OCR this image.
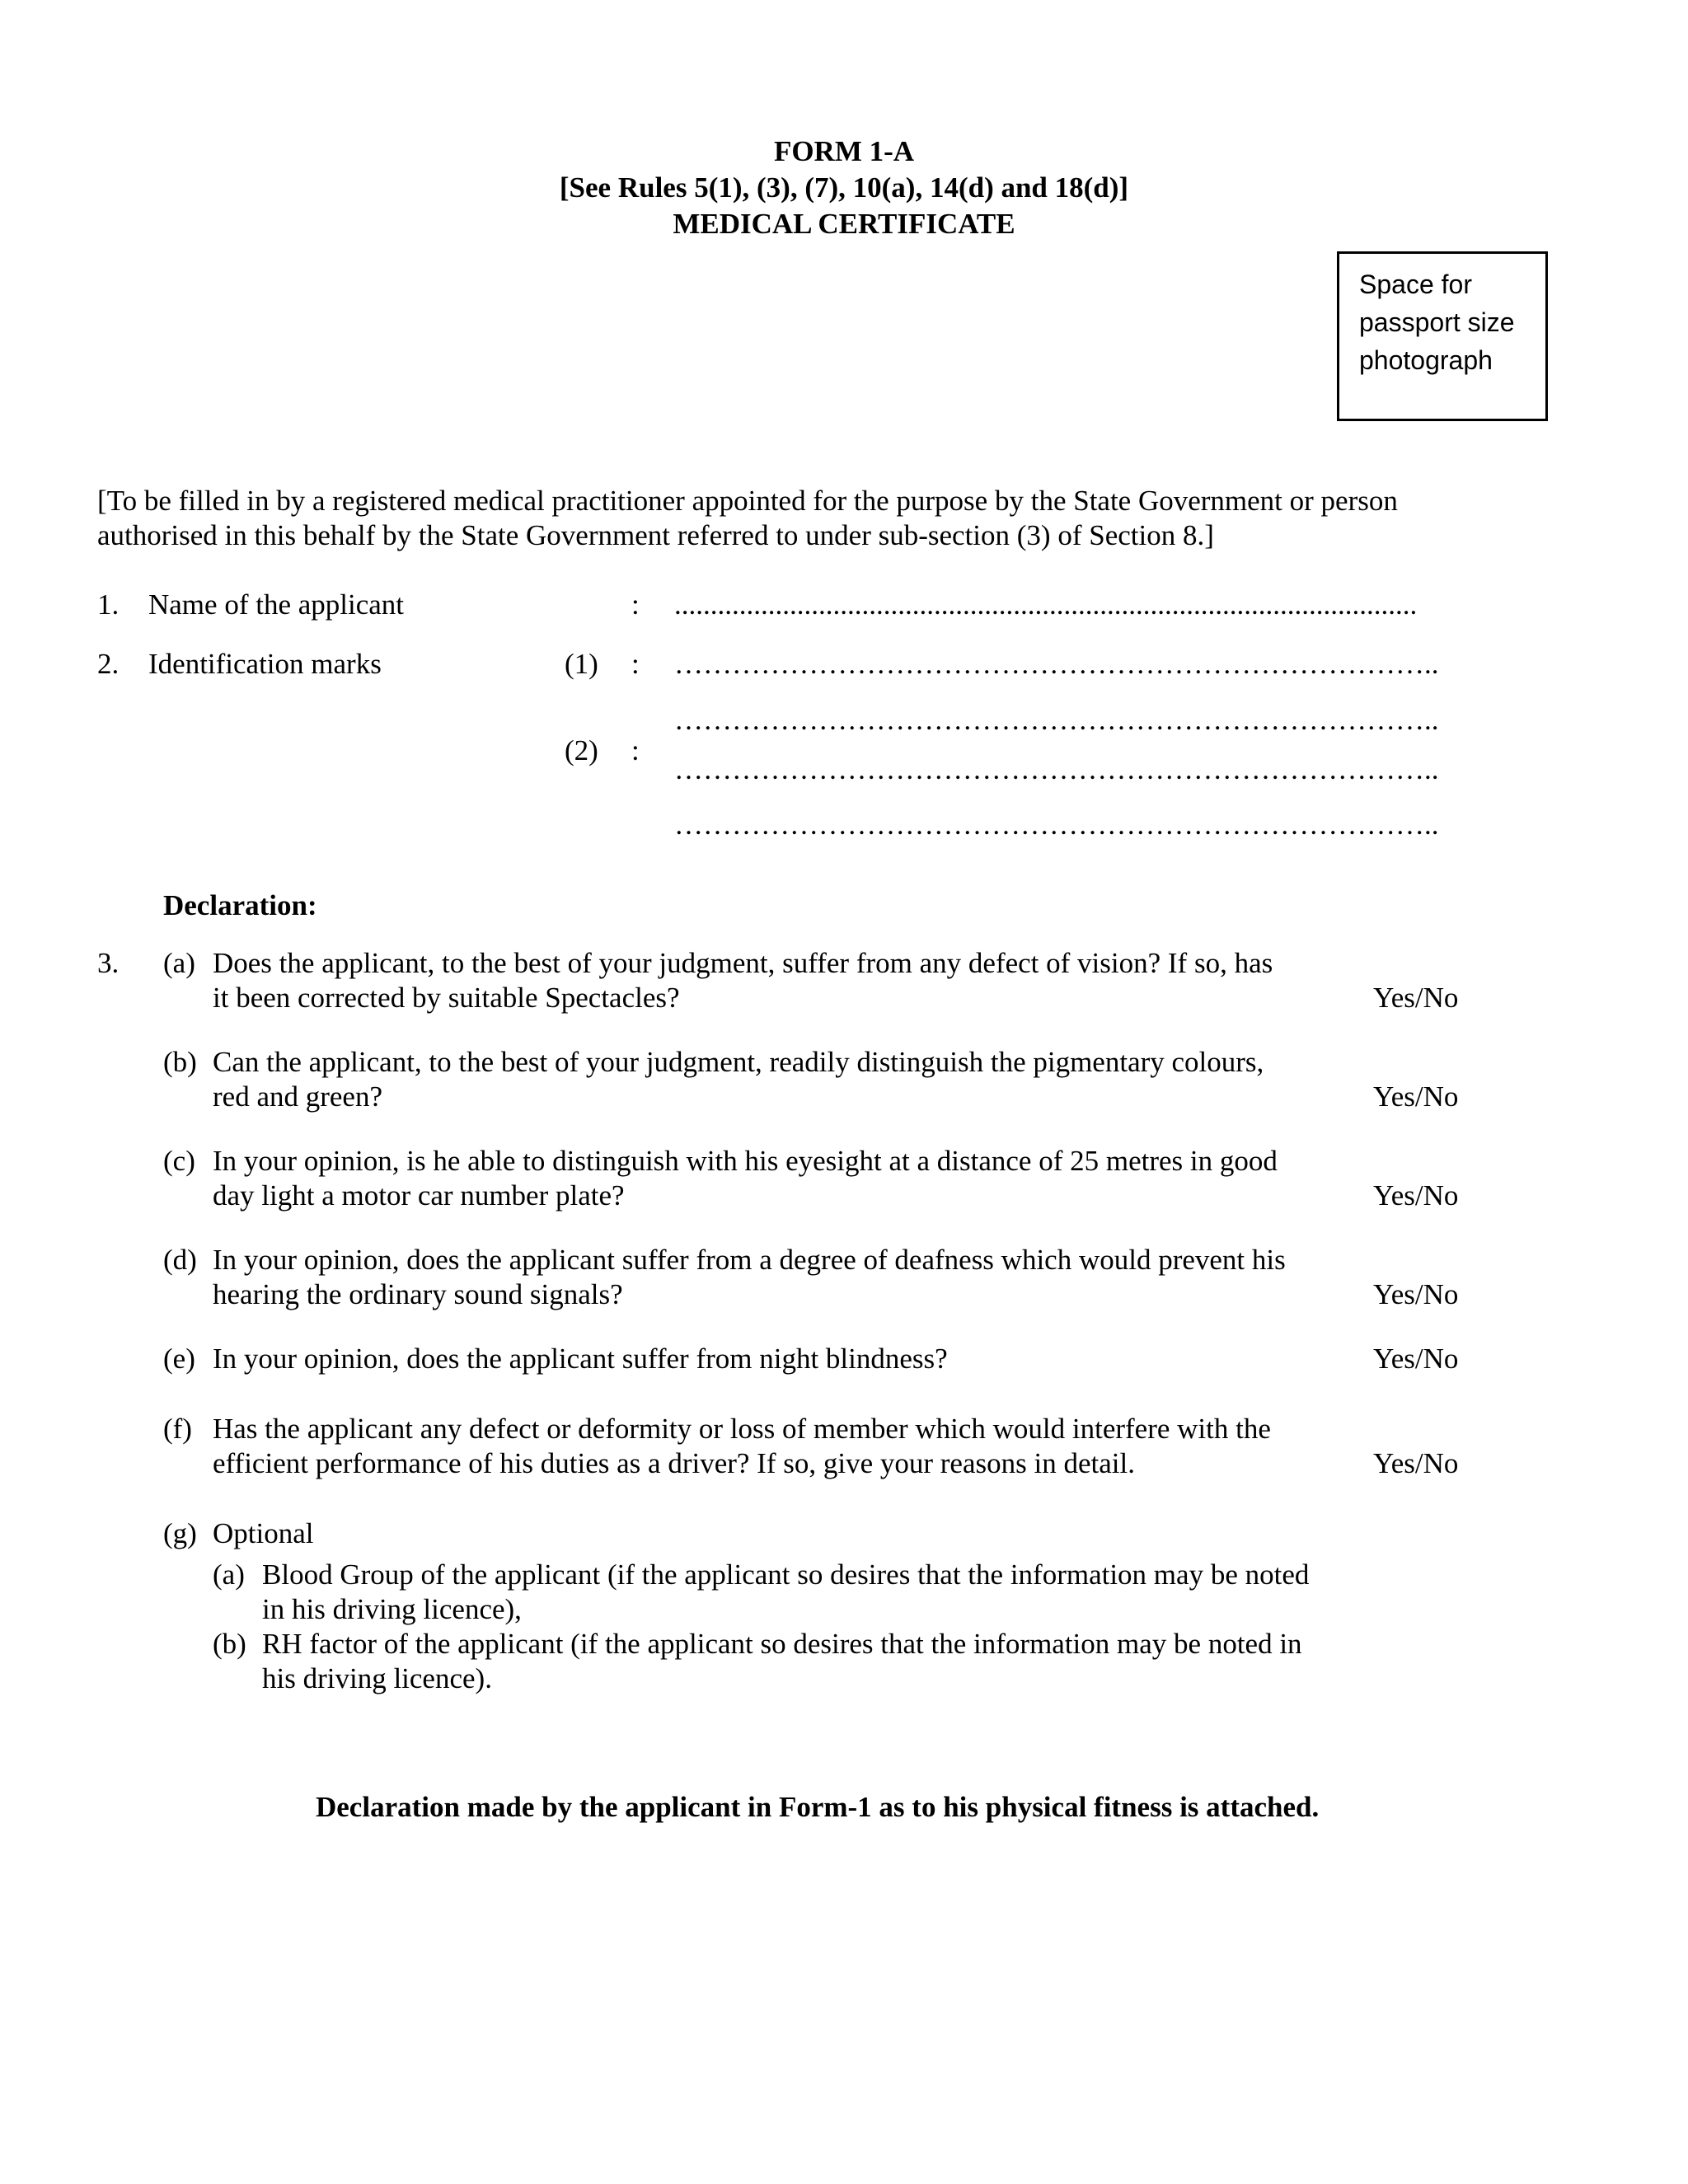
FORM 1-A
[See Rules 5(1), (3), (7), 10(a), 14(d) and 18(d)]
MEDICAL CERTIFICATE
Space for
passport size
photograph
[To be filled in by a registered medical practitioner appointed for the purpose by the State Government or person
authorised in this behalf by the State Government referred to under sub-section (3) of Section 8.]
1. Name of the applicant	: .......................................................................................................
2. Identification marks	(1) : ……………………………………………………………………..
……………………………………………………………………..
(2) :
……………………………………………………………………..
……………………………………………………………………..
Declaration:
3. (a) Does the applicant, to the best of your judgment, suffer from any defect of vision? If so, has
it been corrected by suitable Spectacles?	Yes/No
(b) Can the applicant, to the best of your judgment, readily distinguish the pigmentary colours,
red and green?	Yes/No
(c) In your opinion, is he able to distinguish with his eyesight at a distance of 25 metres in good
day light a motor car number plate?	Yes/No
(d) In your opinion, does the applicant suffer from a degree of deafness which would prevent his
hearing the ordinary sound signals?	Yes/No
(e) In your opinion, does the applicant suffer from night blindness?	Yes/No
(f) Has the applicant any defect or deformity or loss of member which would interfere with the
efficient performance of his duties as a driver? If so, give your reasons in detail.	Yes/No
(g) Optional
(a) Blood Group of the applicant (if the applicant so desires that the information may be noted
in his driving licence),
(b) RH factor of the applicant (if the applicant so desires that the information may be noted in
his driving licence).
Declaration made by the applicant in Form-1 as to his physical fitness is attached.
